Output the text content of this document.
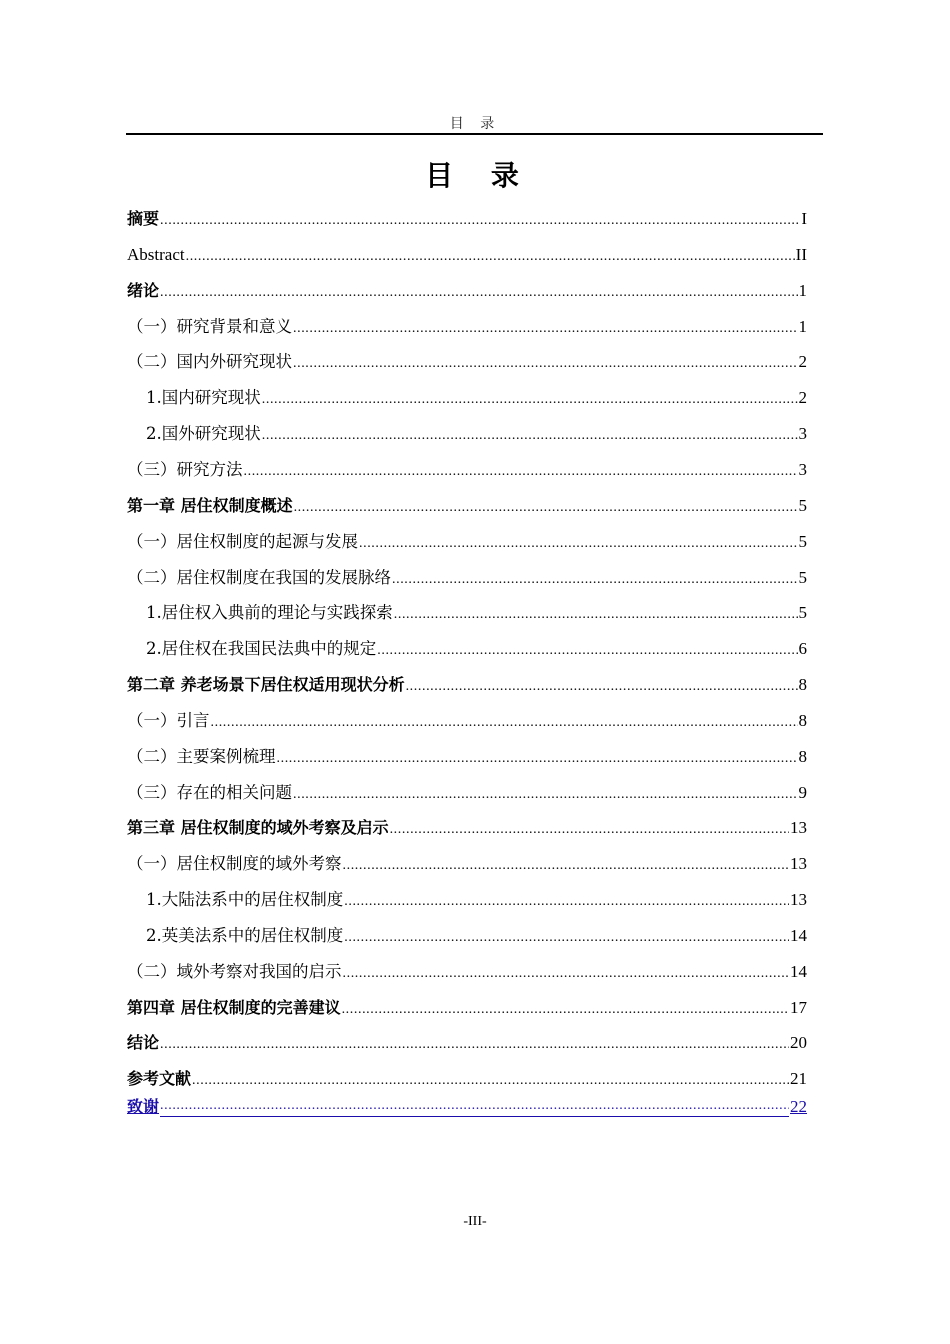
目 录
目 录
摘要 .....	I
Abstract .....	II
绪论 .....	1
（一）研究背景和意义 .....	1
（二）国内外研究现状 .....	2
1.国内研究现状 .....	2
2.国外研究现状 .....	3
（三）研究方法 .....	3
第一章 居住权制度概述 .....	5
（一）居住权制度的起源与发展 .....	5
（二）居住权制度在我国的发展脉络 .....	5
1.居住权入典前的理论与实践探索 .....	5
2.居住权在我国民法典中的规定 .....	6
第二章 养老场景下居住权适用现状分析 .....	8
（一）引言 .....	8
（二）主要案例梳理 .....	8
（三）存在的相关问题 .....	9
第三章 居住权制度的域外考察及启示 .....	13
（一）居住权制度的域外考察 .....	13
1.大陆法系中的居住权制度 .....	13
2.英美法系中的居住权制度 .....	14
（二）域外考察对我国的启示 .....	14
第四章 居住权制度的完善建议 .....	17
结论 .....	20
参考文献 .....	21
致谢 .....	22
-III-
